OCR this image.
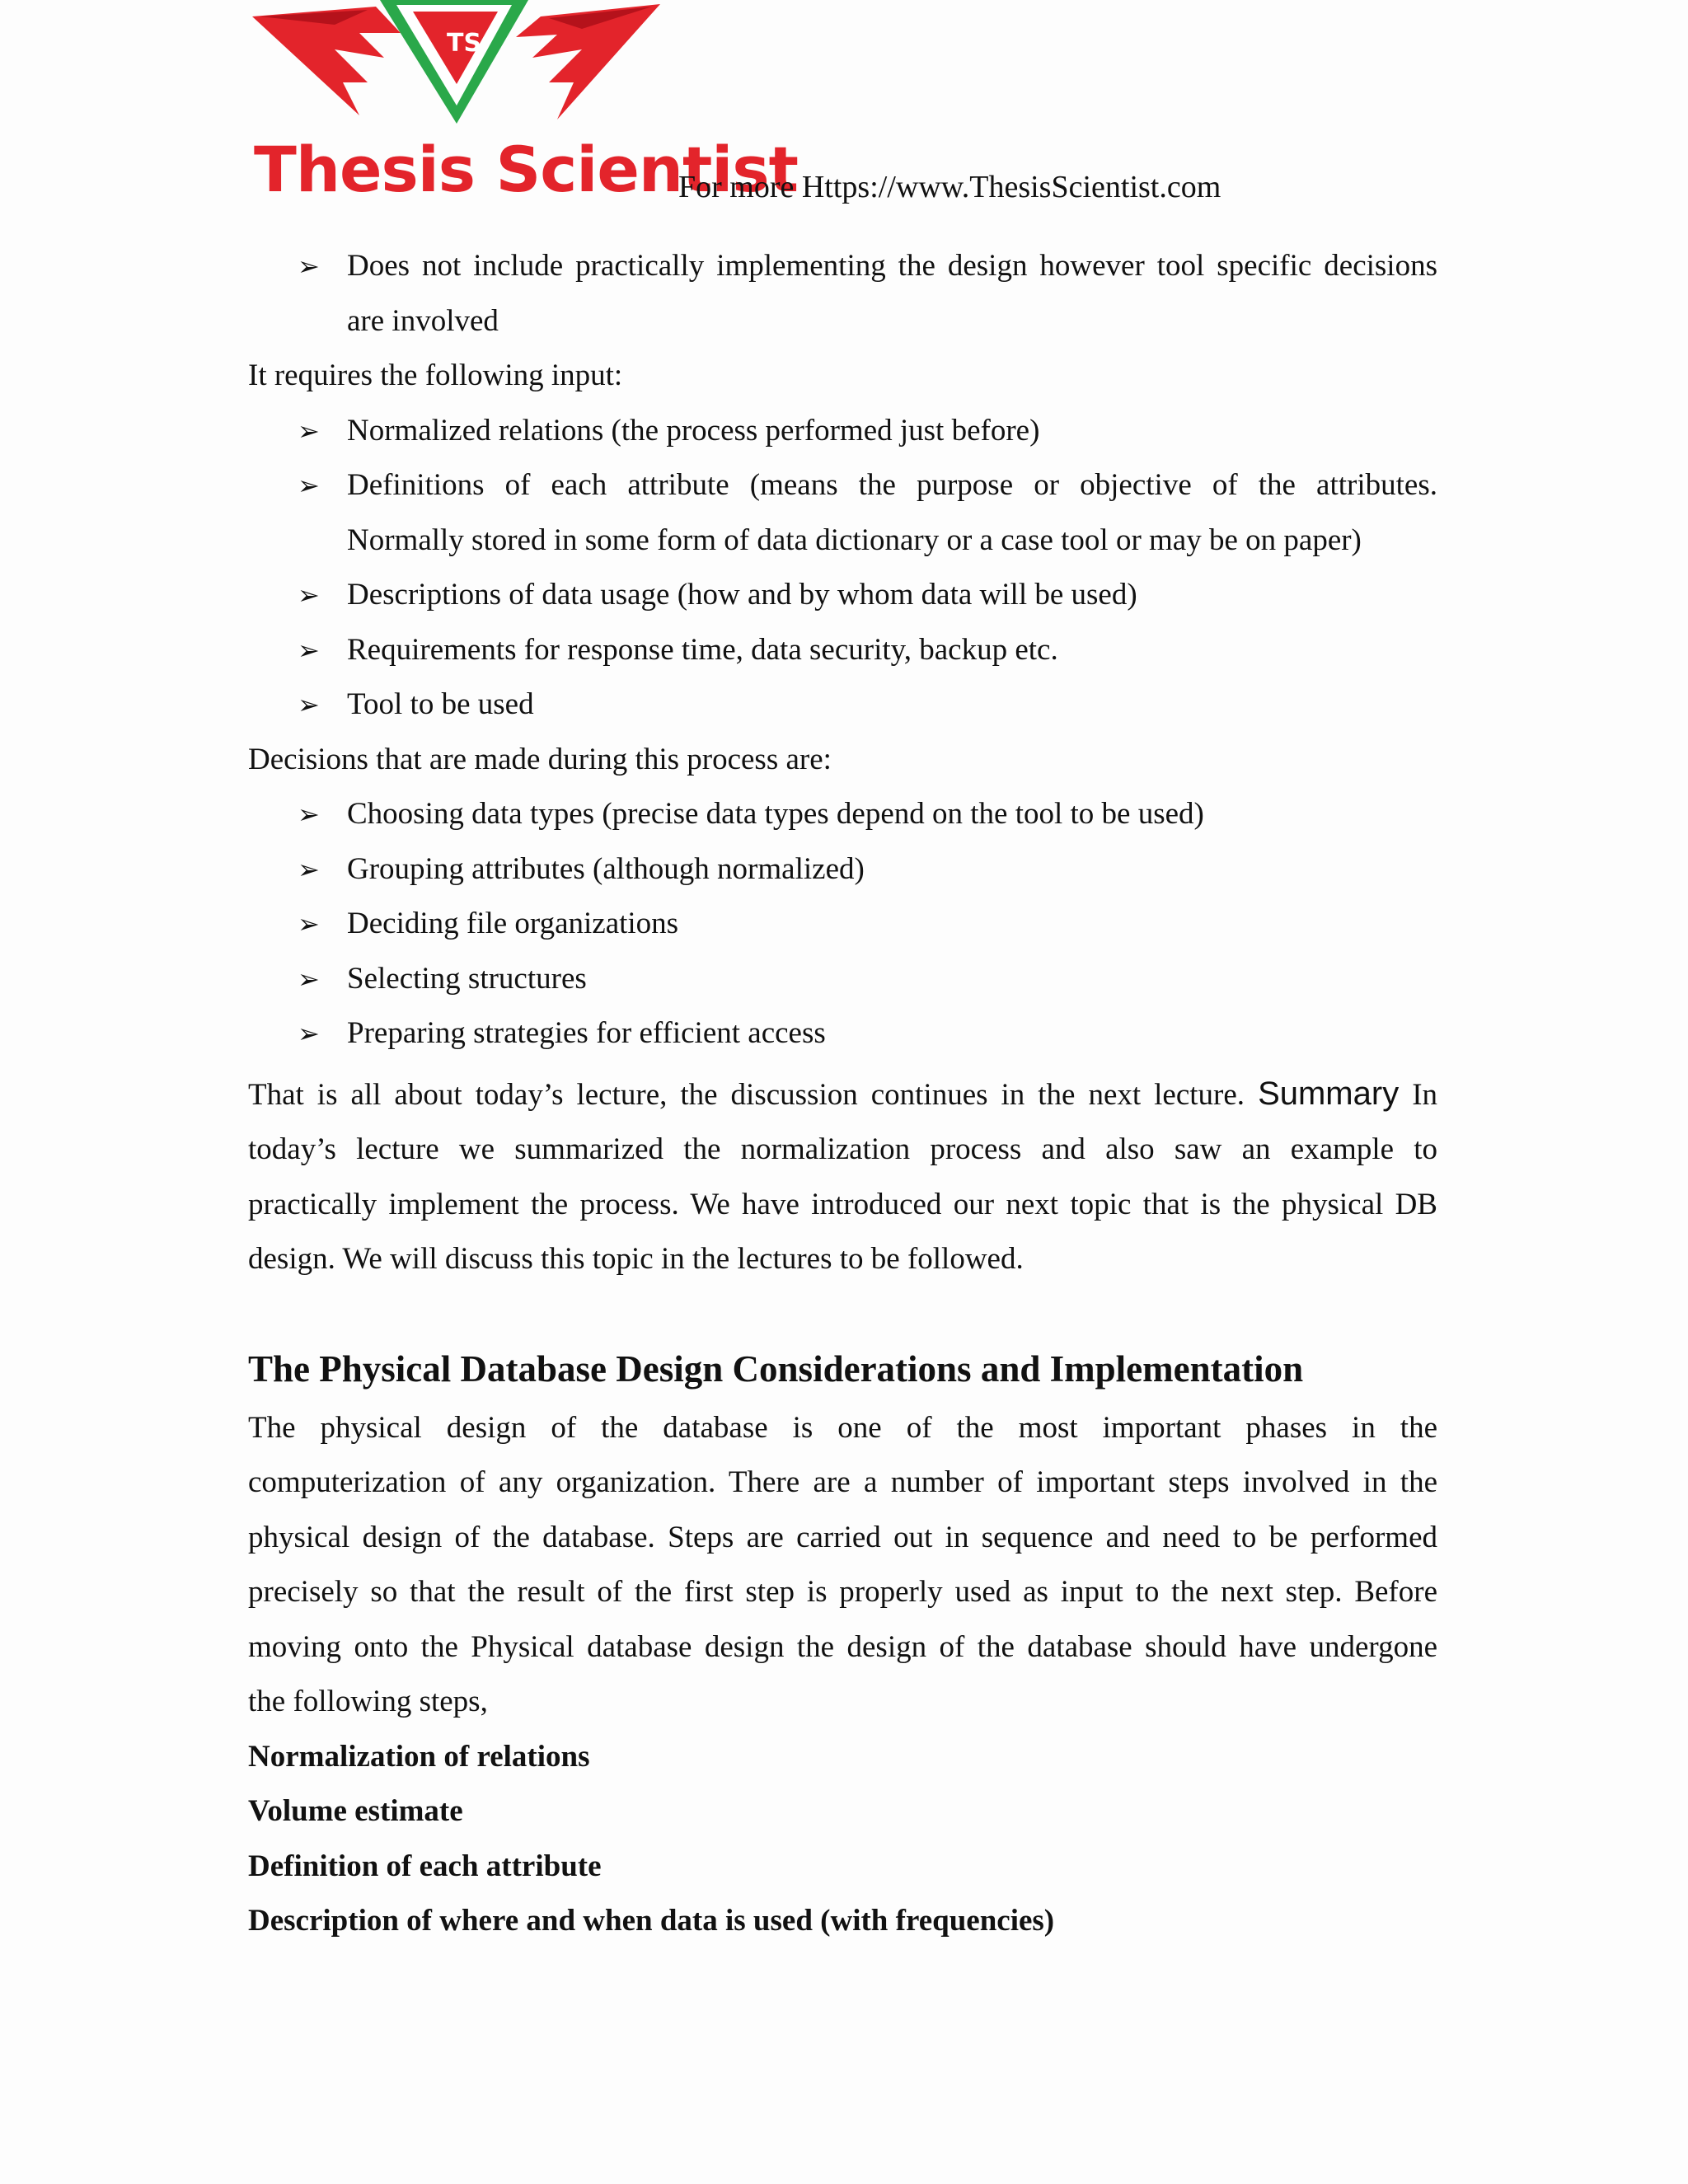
TS
Thesis Scientist
For more Https://www.ThesisScientist.com
➢ Does not include practically implementing the design however tool specific decisions
are involved
It requires the following input:
➢ Normalized relations (the process performed just before)
➢ Definitions of each attribute (means the purpose or objective of the attributes.
Normally stored in some form of data dictionary or a case tool or may be on paper)
➢ Descriptions of data usage (how and by whom data will be used)
➢ Requirements for response time, data security, backup etc.
➢ Tool to be used
Decisions that are made during this process are:
➢ Choosing data types (precise data types depend on the tool to be used)
➢ Grouping attributes (although normalized)
➢ Deciding file organizations
➢ Selecting structures
➢ Preparing strategies for efficient access
That is all about today’s lecture, the discussion continues in the next lecture. Summary In
today’s lecture we summarized the normalization process and also saw an example to
practically implement the process. We have introduced our next topic that is the physical DB
design. We will discuss this topic in the lectures to be followed.
The Physical Database Design Considerations and Implementation
The physical design of the database is one of the most important phases in the
computerization of any organization. There are a number of important steps involved in the
physical design of the database. Steps are carried out in sequence and need to be performed
precisely so that the result of the first step is properly used as input to the next step. Before
moving onto the Physical database design the design of the database should have undergone
the following steps,
Normalization of relations
Volume estimate
Definition of each attribute
Description of where and when data is used (with frequencies)
